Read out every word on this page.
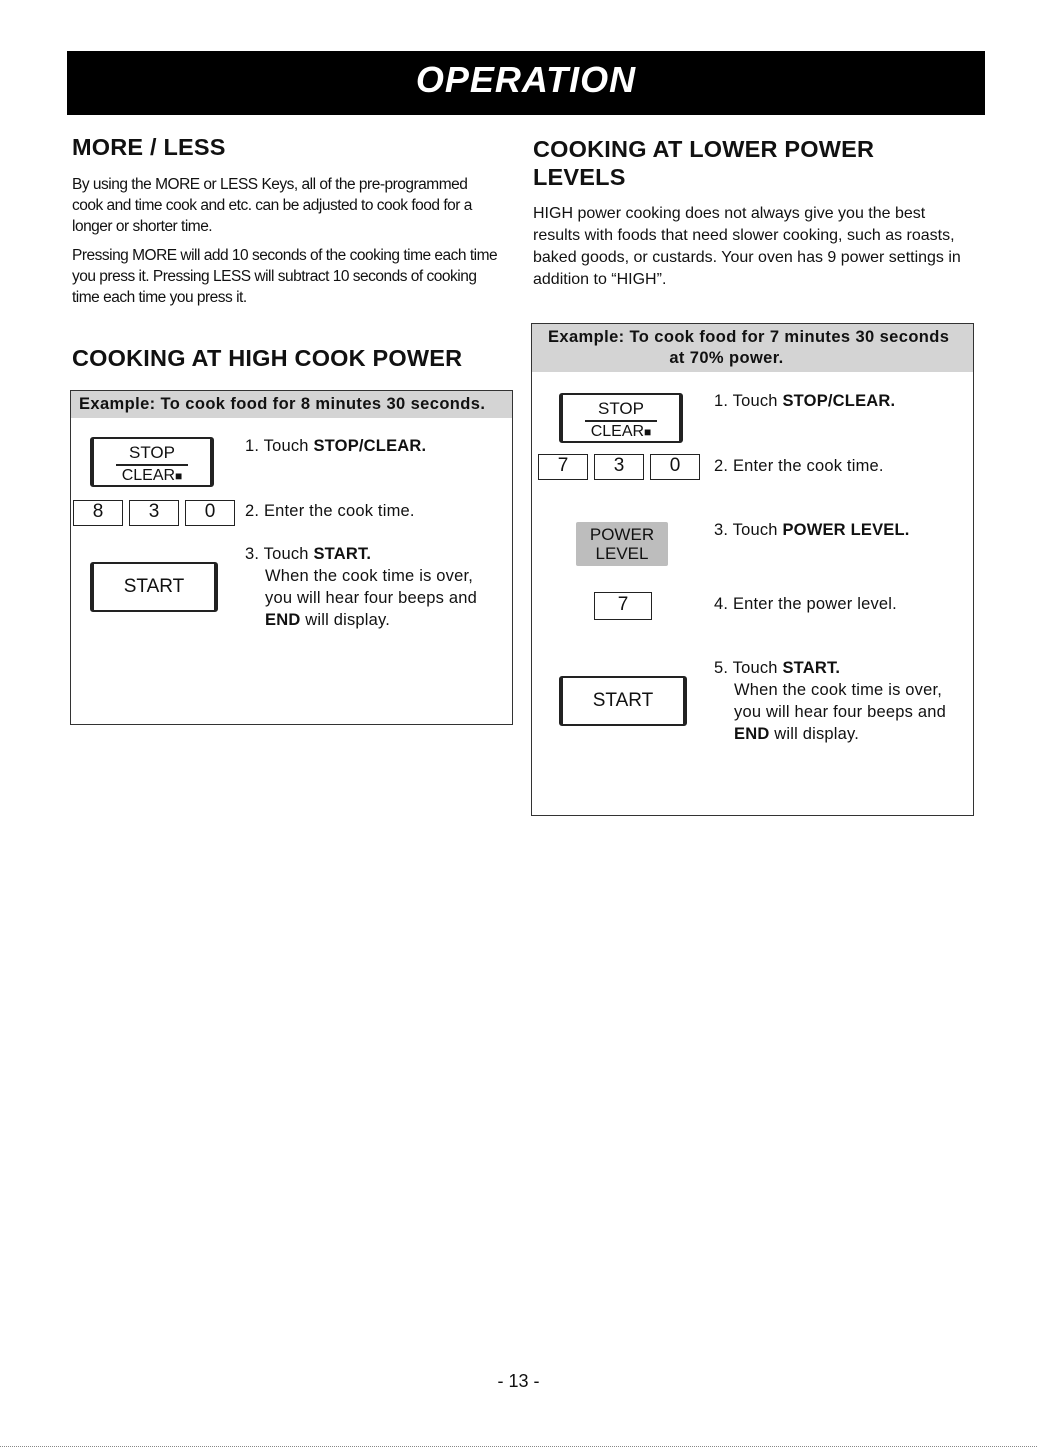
OPERATION
MORE / LESS

By using the MORE or LESS Keys, all of the pre-programmed cook and time cook and etc. can be adjusted to cook food for a longer or shorter time.

Pressing MORE will add 10 seconds of the cooking time each time you press it. Pressing LESS will subtract 10 seconds of cooking time each time you press it.

COOKING AT HIGH COOK POWER
Example: To cook food for 8 minutes 30 seconds.
STOP
CLEAR■
1. Touch STOP/CLEAR.
8	3	0	2. Enter the cook time.
START
3. Touch START.
When the cook time is over,
you will hear four beeps and
END will display.
COOKING AT LOWER POWER
LEVELS

HIGH power cooking does not always give you the best results with foods that need slower cooking, such as roasts, baked goods, or custards. Your oven has 9 power settings in addition to “HIGH”.

Example: To cook food for 7 minutes 30 seconds
at 70% power.
STOP
CLEAR■
1. Touch STOP/CLEAR.
7	3	0	2. Enter the cook time.
POWER
LEVEL
3. Touch POWER LEVEL.
7	4. Enter the power level.
START
5. Touch START.
When the cook time is over,
you will hear four beeps and
END will display.
- 13 -
